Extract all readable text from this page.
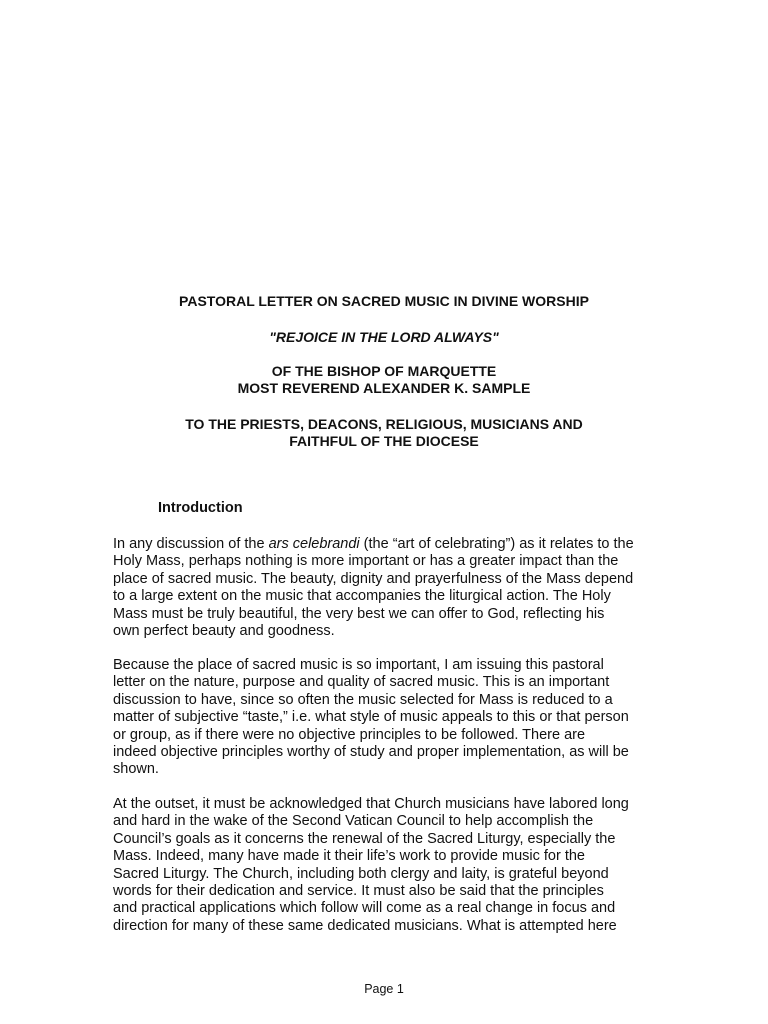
PASTORAL LETTER ON SACRED MUSIC IN DIVINE WORSHIP
"REJOICE IN THE LORD ALWAYS"
OF THE BISHOP OF MARQUETTE
MOST REVEREND ALEXANDER K. SAMPLE
TO THE PRIESTS, DEACONS, RELIGIOUS, MUSICIANS AND
FAITHFUL OF THE DIOCESE
Introduction
In any discussion of the ars celebrandi (the “art of celebrating”) as it relates to the
Holy Mass, perhaps nothing is more important or has a greater impact than the
place of sacred music. The beauty, dignity and prayerfulness of the Mass depend
to a large extent on the music that accompanies the liturgical action. The Holy
Mass must be truly beautiful, the very best we can offer to God, reflecting his
own perfect beauty and goodness.
Because the place of sacred music is so important, I am issuing this pastoral
letter on the nature, purpose and quality of sacred music. This is an important
discussion to have, since so often the music selected for Mass is reduced to a
matter of subjective “taste,” i.e. what style of music appeals to this or that person
or group, as if there were no objective principles to be followed. There are
indeed objective principles worthy of study and proper implementation, as will be
shown.
At the outset, it must be acknowledged that Church musicians have labored long
and hard in the wake of the Second Vatican Council to help accomplish the
Council’s goals as it concerns the renewal of the Sacred Liturgy, especially the
Mass. Indeed, many have made it their life’s work to provide music for the
Sacred Liturgy. The Church, including both clergy and laity, is grateful beyond
words for their dedication and service. It must also be said that the principles
and practical applications which follow will come as a real change in focus and
direction for many of these same dedicated musicians. What is attempted here
Page 1
